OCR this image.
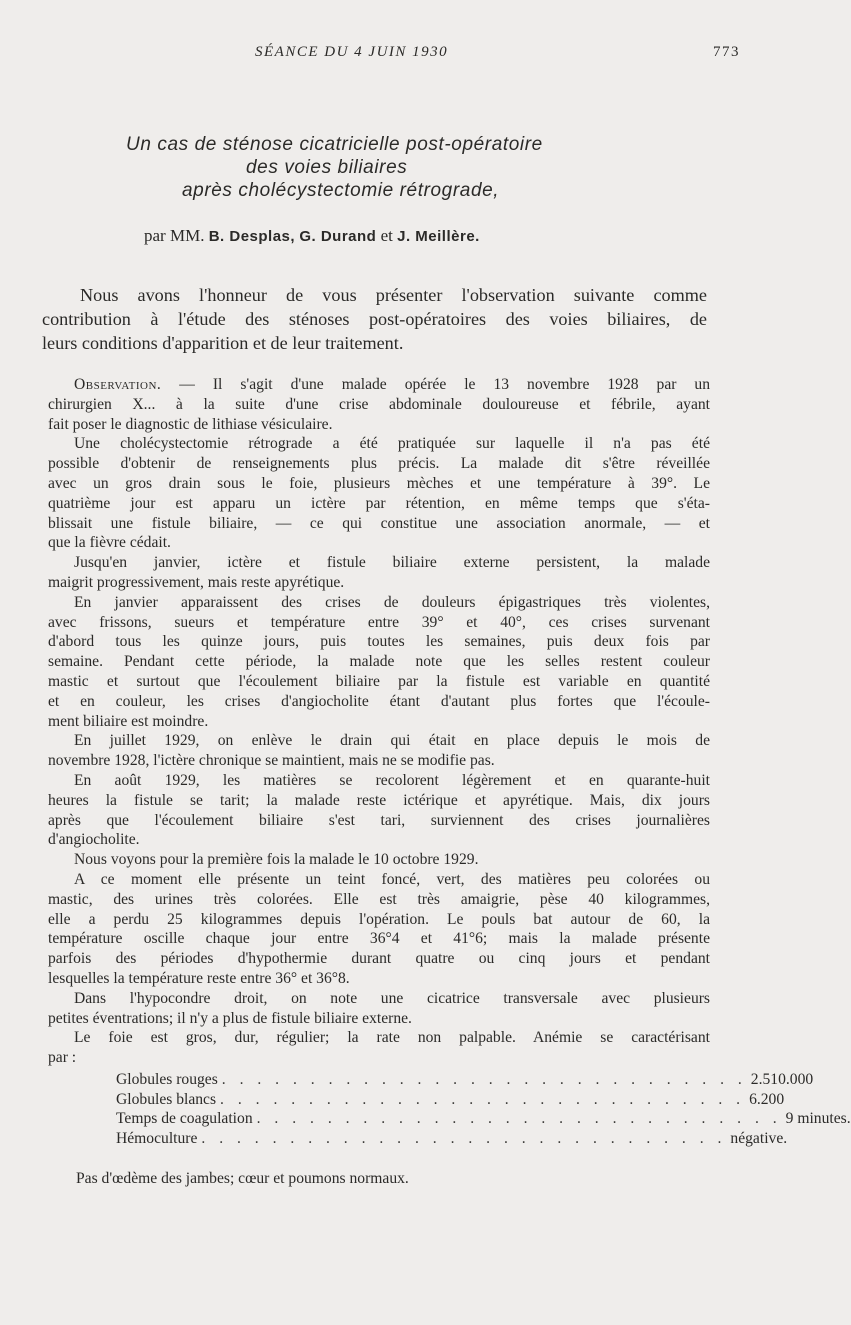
SÉANCE DU 4 JUIN 1930	773
Un cas de sténose cicatricielle post-opératoire
des voies biliaires
après cholécystectomie rétrograde,
par MM. B. Desplas, G. Durand et J. Meillère.
Nous avons l'honneur de vous présenter l'observation suivante comme
contribution à l'étude des sténoses post-opératoires des voies biliaires, de
leurs conditions d'apparition et de leur traitement.
Observation. — Il s'agit d'une malade opérée le 13 novembre 1928 par un
chirurgien X... à la suite d'une crise abdominale douloureuse et fébrile, ayant
fait poser le diagnostic de lithiase vésiculaire.
Une cholécystectomie rétrograde a été pratiquée sur laquelle il n'a pas été
possible d'obtenir de renseignements plus précis. La malade dit s'être réveillée
avec un gros drain sous le foie, plusieurs mèches et une température à 39°. Le
quatrième jour est apparu un ictère par rétention, en même temps que s'éta-
blissait une fistule biliaire, — ce qui constitue une association anormale, — et
que la fièvre cédait.
Jusqu'en janvier, ictère et fistule biliaire externe persistent, la malade
maigrit progressivement, mais reste apyrétique.
En janvier apparaissent des crises de douleurs épigastriques très violentes,
avec frissons, sueurs et température entre 39° et 40°, ces crises survenant
d'abord tous les quinze jours, puis toutes les semaines, puis deux fois par
semaine. Pendant cette période, la malade note que les selles restent couleur
mastic et surtout que l'écoulement biliaire par la fistule est variable en quantité
et en couleur, les crises d'angiocholite étant d'autant plus fortes que l'écoule-
ment biliaire est moindre.
En juillet 1929, on enlève le drain qui était en place depuis le mois de
novembre 1928, l'ictère chronique se maintient, mais ne se modifie pas.
En août 1929, les matières se recolorent légèrement et en quarante-huit
heures la fistule se tarit; la malade reste ictérique et apyrétique. Mais, dix jours
après que l'écoulement biliaire s'est tari, surviennent des crises journalières
d'angiocholite.
Nous voyons pour la première fois la malade le 10 octobre 1929.
A ce moment elle présente un teint foncé, vert, des matières peu colorées ou
mastic, des urines très colorées. Elle est très amaigrie, pèse 40 kilogrammes,
elle a perdu 25 kilogrammes depuis l'opération. Le pouls bat autour de 60, la
température oscille chaque jour entre 36°4 et 41°6; mais la malade présente
parfois des périodes d'hypothermie durant quatre ou cinq jours et pendant
lesquelles la température reste entre 36° et 36°8.
Dans l'hypocondre droit, on note une cicatrice transversale avec plusieurs
petites éventrations; il n'y a plus de fistule biliaire externe.
Le foie est gros, dur, régulier; la rate non palpable. Anémie se caractérisant
par :
Globules rouges . . . . . . . . . . . . . . . . . . . . . . . . . . . . . . 2.510.000
Globules blancs . . . . . . . . . . . . . . . . . . . . . . . . . . . . . . 6.200
Temps de coagulation . . . . . . . . . . . . . . . . . . . . . . . . . . . . . . 9 minutes.
Hémoculture . . . . . . . . . . . . . . . . . . . . . . . . . . . . . . négative.
Pas d'œdème des jambes; cœur et poumons normaux.
